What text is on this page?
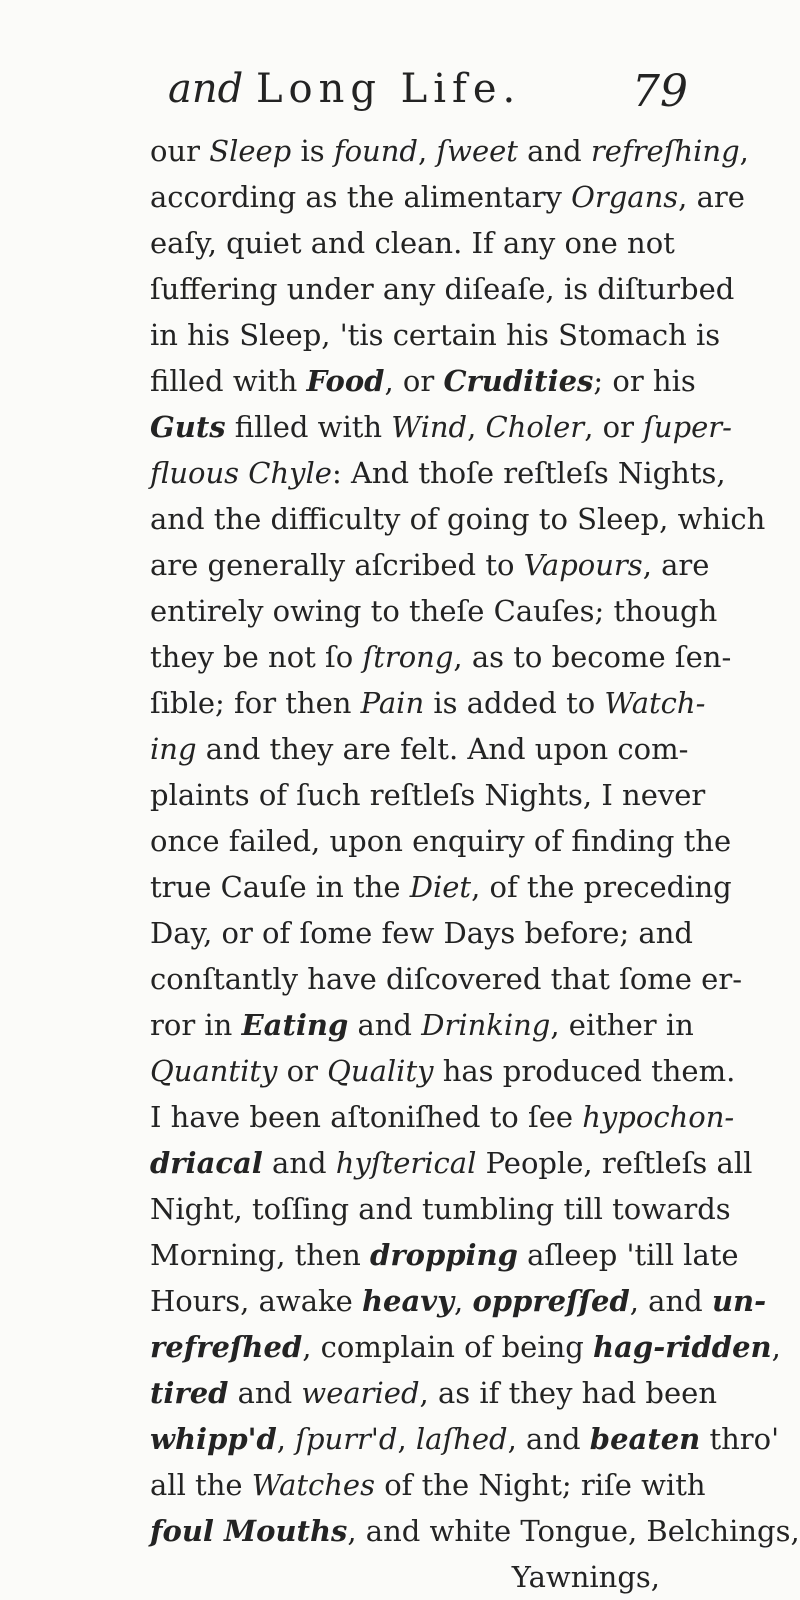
and Long Life.	79
our Sleep is found, ſweet and refreſhing,
according as the alimentary Organs, are
eaſy, quiet and clean. If any one not
ſuffering under any diſeaſe, is diſturbed
in his Sleep, 'tis certain his Stomach is
filled with Food, or Crudities; or his
Guts filled with Wind, Choler, or ſuper-
fluous Chyle: And thoſe reſtleſs Nights,
and the difficulty of going to Sleep, which
are generally aſcribed to Vapours, are
entirely owing to theſe Cauſes; though
they be not ſo ſtrong, as to become ſen-
ſible; for then Pain is added to Watch-
ing and they are felt. And upon com-
plaints of ſuch reſtleſs Nights, I never
once failed, upon enquiry of finding the
true Cauſe in the Diet, of the preceding
Day, or of ſome few Days before; and
conſtantly have diſcovered that ſome er-
ror in Eating and Drinking, either in
Quantity or Quality has produced them.
I have been aſtoniſhed to ſee hypochon-
driacal and hyſterical People, reſtleſs all
Night, toſſing and tumbling till towards
Morning, then dropping aſleep 'till late
Hours, awake heavy, oppreſſed, and un-
refreſhed, complain of being hag-ridden,
tired and wearied, as if they had been
whipp'd, ſpurr'd, laſhed, and beaten thro'
all the Watches of the Night; riſe with
foul Mouths, and white Tongue, Belchings,
Yawnings,
